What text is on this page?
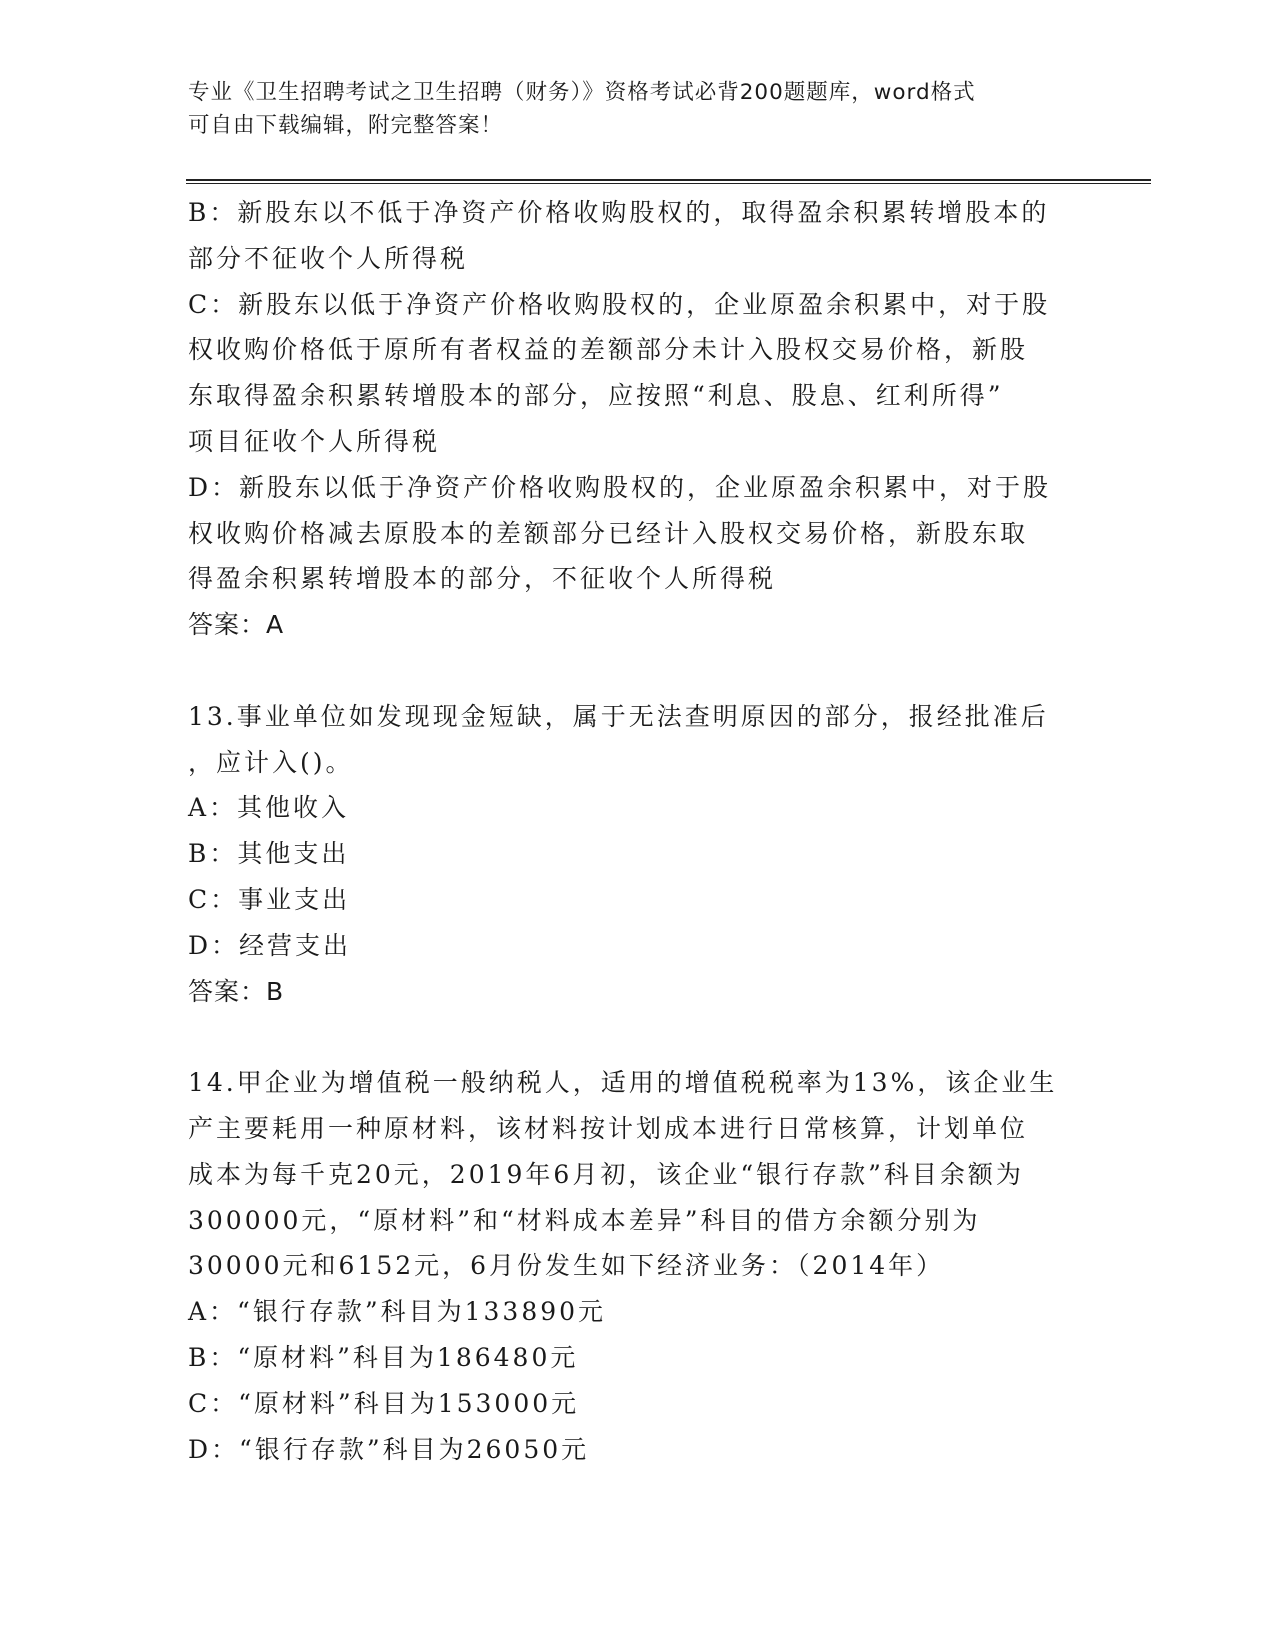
专业《卫生招聘考试之卫生招聘（财务）》资格考试必背200题题库，word格式
可自由下载编辑，附完整答案！

B：新股东以不低于净资产价格收购股权的，取得盈余积累转增股本的

部分不征收个人所得税

C：新股东以低于净资产价格收购股权的，企业原盈余积累中，对于股

权收购价格低于原所有者权益的差额部分未计入股权交易价格，新股

东取得盈余积累转增股本的部分，应按照“利息、股息、红利所得”

项目征收个人所得税

D：新股东以低于净资产价格收购股权的，企业原盈余积累中，对于股

权收购价格减去原股本的差额部分已经计入股权交易价格，新股东取

得盈余积累转增股本的部分，不征收个人所得税

答案：A

13.事业单位如发现现金短缺，属于无法查明原因的部分，报经批准后

，应计入()。

A：其他收入

B：其他支出

C：事业支出

D：经营支出

答案：B

14.甲企业为增值税一般纳税人，适用的增值税税率为13%，该企业生

产主要耗用一种原材料，该材料按计划成本进行日常核算，计划单位

成本为每千克20元，2019年6月初，该企业“银行存款”科目余额为

300000元，“原材料”和“材料成本差异”科目的借方余额分别为

30000元和6152元，6月份发生如下经济业务：（2014年）

A：“银行存款”科目为133890元

B：“原材料”科目为186480元

C：“原材料”科目为153000元

D：“银行存款”科目为26050元
